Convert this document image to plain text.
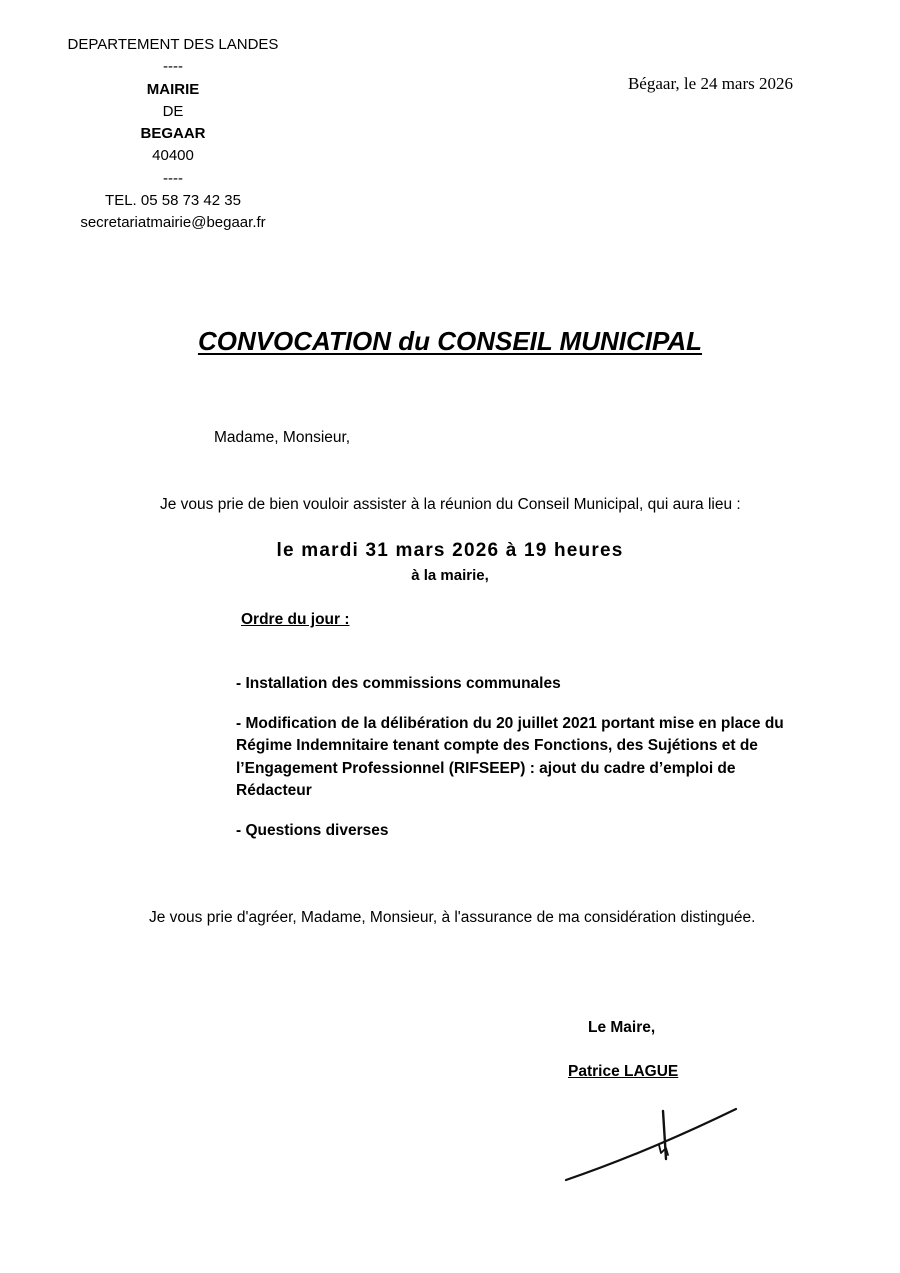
DEPARTEMENT DES LANDES
----
MAIRIE
DE
BEGAAR
40400
----
TEL. 05 58 73 42 35
secretariatmairie@begaar.fr
Bégaar, le 24 mars 2026
CONVOCATION du CONSEIL MUNICIPAL
Madame, Monsieur,
Je vous prie de bien vouloir assister à la réunion du Conseil Municipal, qui aura lieu :
le mardi 31 mars 2026 à 19 heures
à la mairie,
Ordre du jour :
- Installation des commissions communales
- Modification de la délibération du 20 juillet 2021 portant mise en place du Régime Indemnitaire tenant compte des Fonctions, des Sujétions et de l’Engagement Professionnel (RIFSEEP) : ajout du cadre d’emploi de Rédacteur
- Questions diverses
Je vous prie d'agréer, Madame, Monsieur, à l'assurance de ma considération distinguée.
Le Maire,
Patrice LAGUE
